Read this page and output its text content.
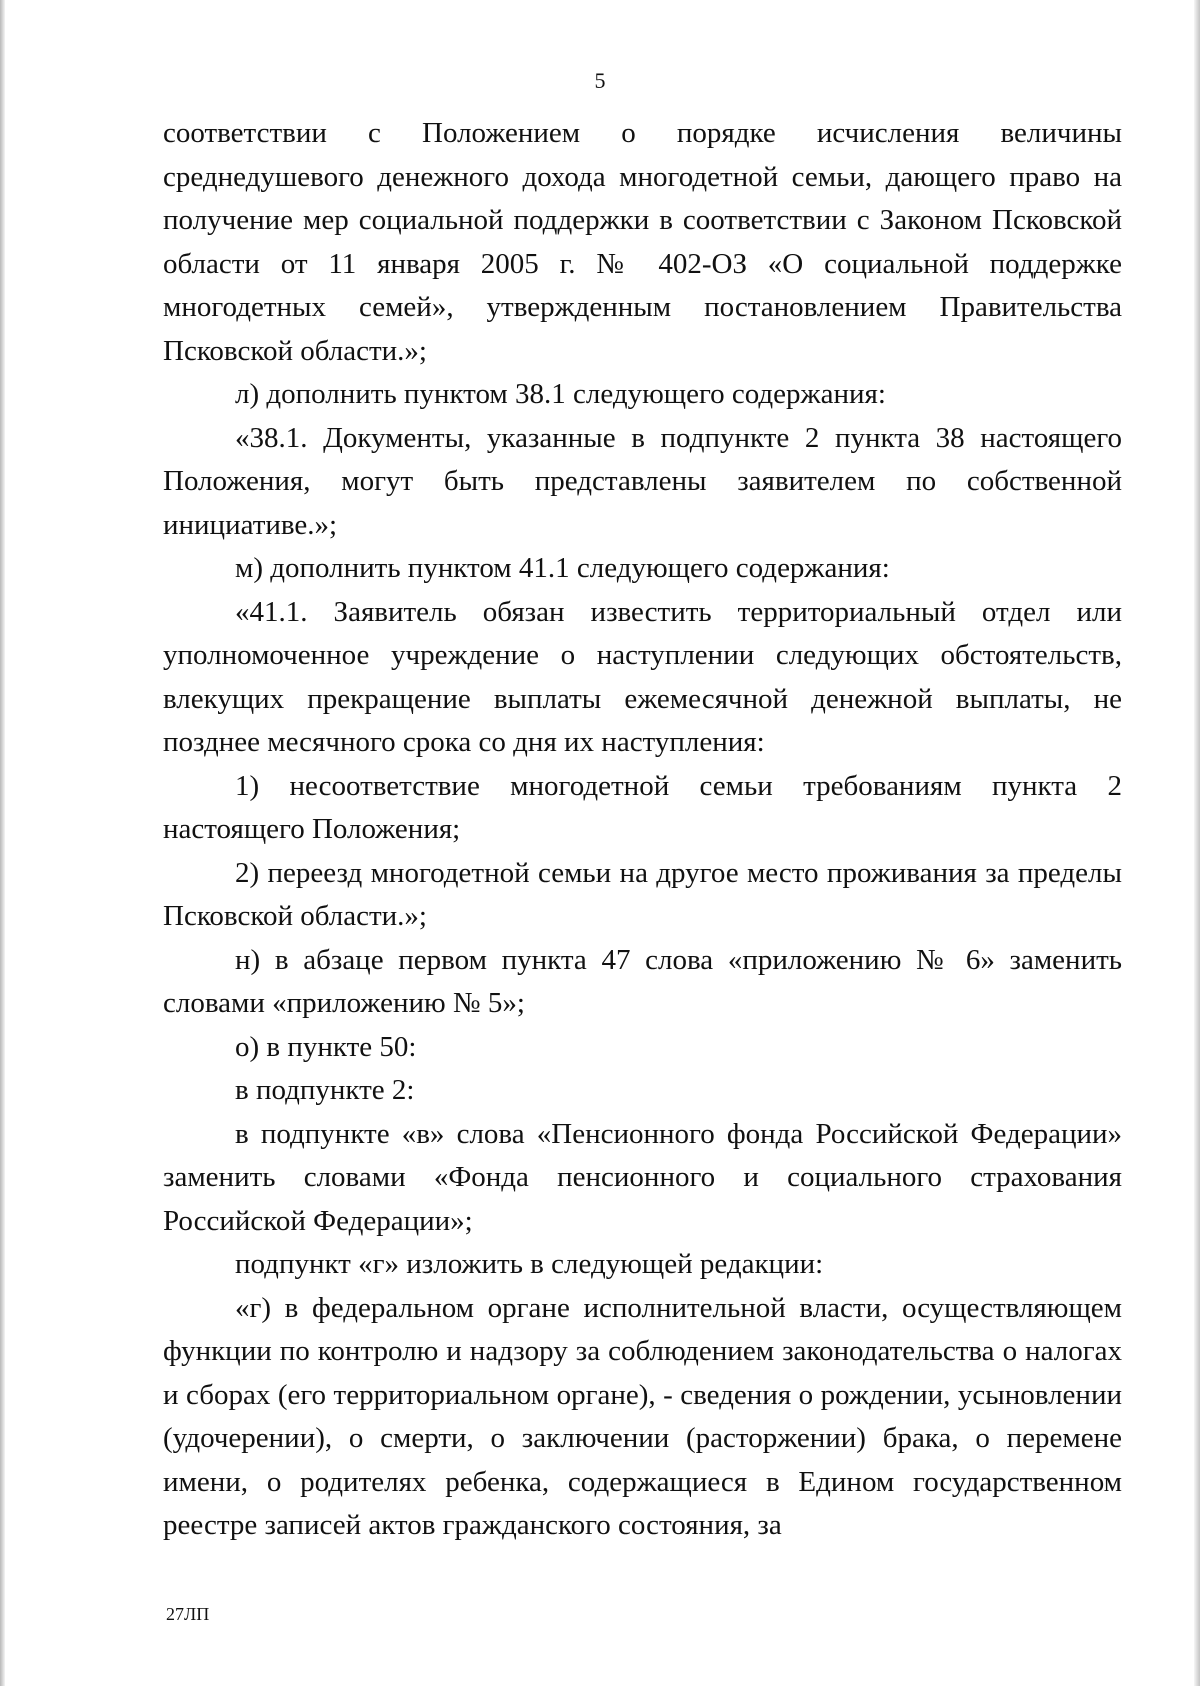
5

соответствии с Положением о порядке исчисления величины среднедушевого денежного дохода многодетной семьи, дающего право на получение мер социальной поддержки в соответствии с Законом Псковской области от 11 января 2005 г. № 402-ОЗ «О социальной поддержке многодетных семей», утвержденным постановлением Правительства Псковской области.»;

л) дополнить пунктом 38.1 следующего содержания:

«38.1. Документы, указанные в подпункте 2 пункта 38 настоящего Положения, могут быть представлены заявителем по собственной инициативе.»;

м) дополнить пунктом 41.1 следующего содержания:

«41.1. Заявитель обязан известить территориальный отдел или уполномоченное учреждение о наступлении следующих обстоятельств, влекущих прекращение выплаты ежемесячной денежной выплаты, не позднее месячного срока со дня их наступления:

1) несоответствие многодетной семьи требованиям пункта 2 настоящего Положения;

2) переезд многодетной семьи на другое место проживания за пределы Псковской области.»;

н) в абзаце первом пункта 47 слова «приложению № 6» заменить словами «приложению № 5»;

о) в пункте 50:

в подпункте 2:

в подпункте «в» слова «Пенсионного фонда Российской Федерации» заменить словами «Фонда пенсионного и социального страхования Российской Федерации»;

подпункт «г» изложить в следующей редакции:

«г) в федеральном органе исполнительной власти, осуществляющем функции по контролю и надзору за соблюдением законодательства о налогах и сборах (его территориальном органе), - сведения о рождении, усыновлении (удочерении), о смерти, о заключении (расторжении) брака, о перемене имени, о родителях ребенка, содержащиеся в Едином государственном реестре записей актов гражданского состояния, за

27ЛП
